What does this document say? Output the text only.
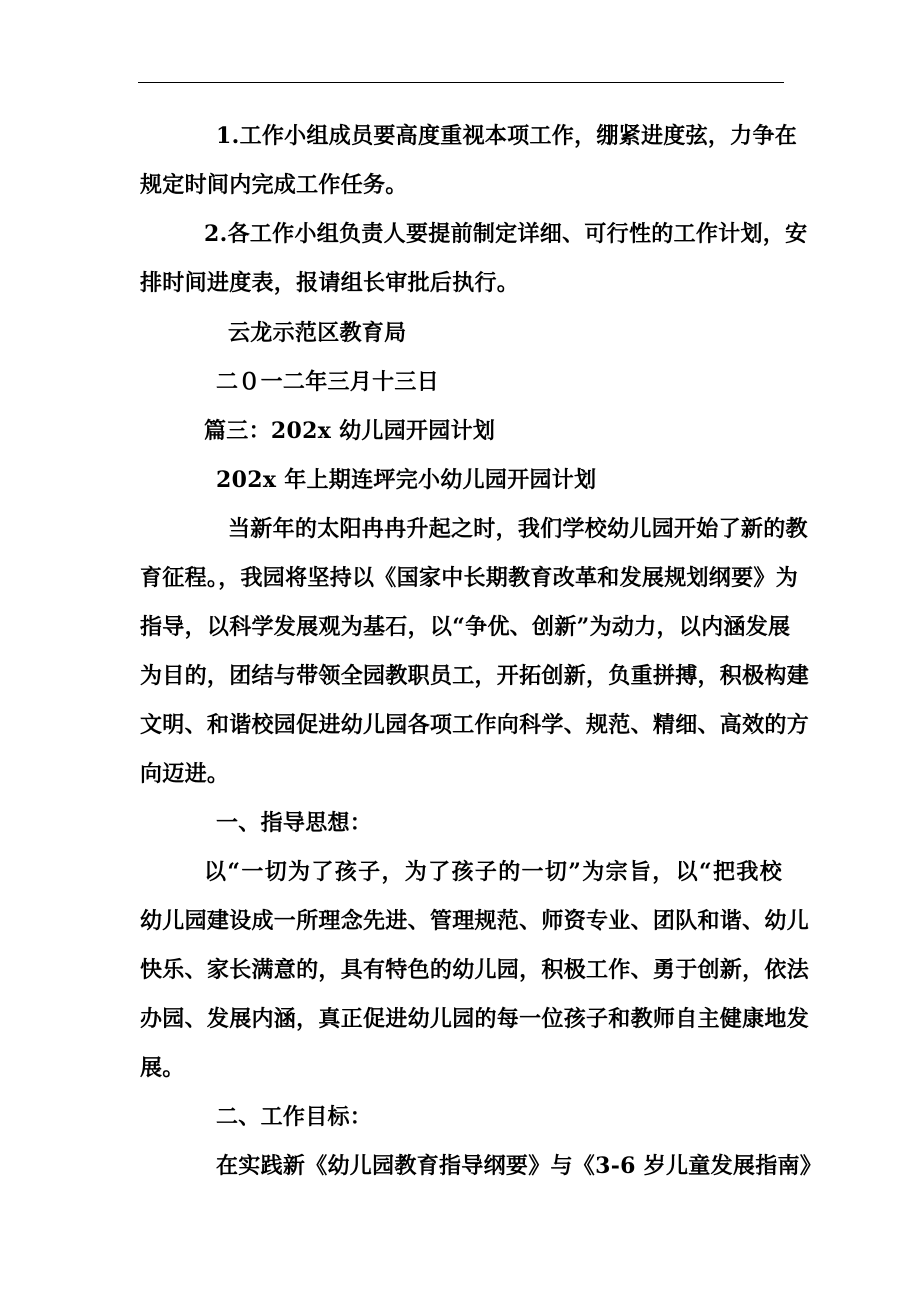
1.工作小组成员要高度重视本项工作，绷紧进度弦，力争在
规定时间内完成工作任务。
2.各工作小组负责人要提前制定详细、可行性的工作计划，安
排时间进度表，报请组长审批后执行。
云龙示范区教育局
二０一二年三月十三日
篇三：202x 幼儿园开园计划
202x 年上期连坪完小幼儿园开园计划
当新年的太阳冉冉升起之时，我们学校幼儿园开始了新的教
育征程。，我园将坚持以《国家中长期教育改革和发展规划纲要》为
指导，以科学发展观为基石，以“争优、创新”为动力，以内涵发展
为目的，团结与带领全园教职员工，开拓创新，负重拼搏，积极构建
文明、和谐校园促进幼儿园各项工作向科学、规范、精细、高效的方
向迈进。
一、指导思想：
以“一切为了孩子，为了孩子的一切”为宗旨，以“把我校
幼儿园建设成一所理念先进、管理规范、师资专业、团队和谐、幼儿
快乐、家长满意的，具有特色的幼儿园，积极工作、勇于创新，依法
办园、发展内涵，真正促进幼儿园的每一位孩子和教师自主健康地发
展。
二、工作目标：
在实践新《幼儿园教育指导纲要》与《3-6 岁儿童发展指南》
